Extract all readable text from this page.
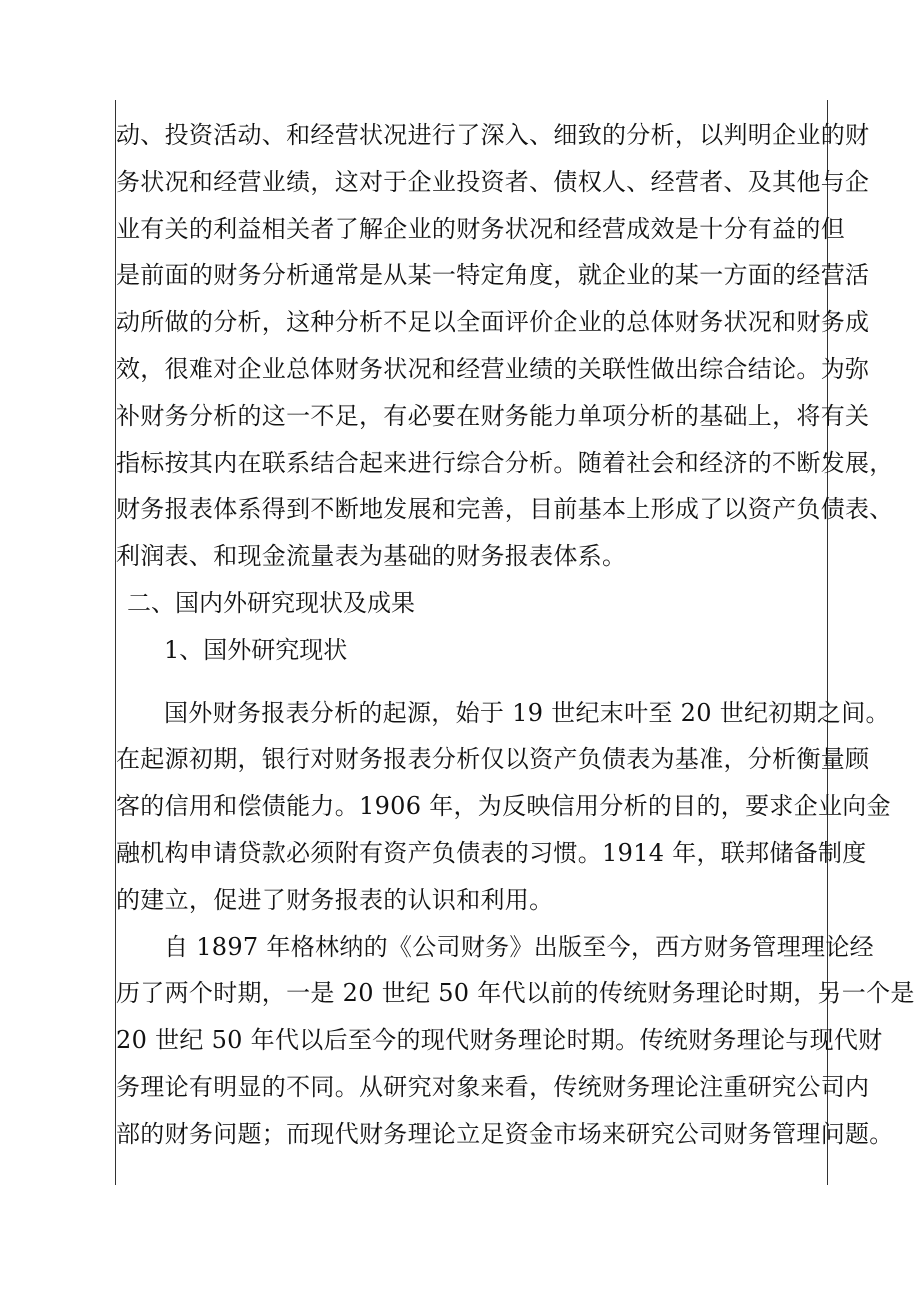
动、投资活动、和经营状况进行了深入、细致的分析，以判明企业的财
务状况和经营业绩，这对于企业投资者、债权人、经营者、及其他与企
业有关的利益相关者了解企业的财务状况和经营成效是十分有益的但
是前面的财务分析通常是从某一特定角度，就企业的某一方面的经营活
动所做的分析，这种分析不足以全面评价企业的总体财务状况和财务成
效，很难对企业总体财务状况和经营业绩的关联性做出综合结论。为弥
补财务分析的这一不足，有必要在财务能力单项分析的基础上，将有关
指标按其内在联系结合起来进行综合分析。随着社会和经济的不断发展，
财务报表体系得到不断地发展和完善，目前基本上形成了以资产负债表、
利润表、和现金流量表为基础的财务报表体系。
二、国内外研究现状及成果
1、国外研究现状
国外财务报表分析的起源，始于 19 世纪末叶至 20 世纪初期之间。
在起源初期，银行对财务报表分析仅以资产负债表为基准，分析衡量顾
客的信用和偿债能力。1906 年，为反映信用分析的目的，要求企业向金
融机构申请贷款必须附有资产负债表的习惯。1914 年，联邦储备制度
的建立，促进了财务报表的认识和利用。
自 1897 年格林纳的《公司财务》出版至今，西方财务管理理论经
历了两个时期，一是 20 世纪 50 年代以前的传统财务理论时期，另一个是
20 世纪 50 年代以后至今的现代财务理论时期。传统财务理论与现代财
务理论有明显的不同。从研究对象来看，传统财务理论注重研究公司内
部的财务问题；而现代财务理论立足资金市场来研究公司财务管理问题。
